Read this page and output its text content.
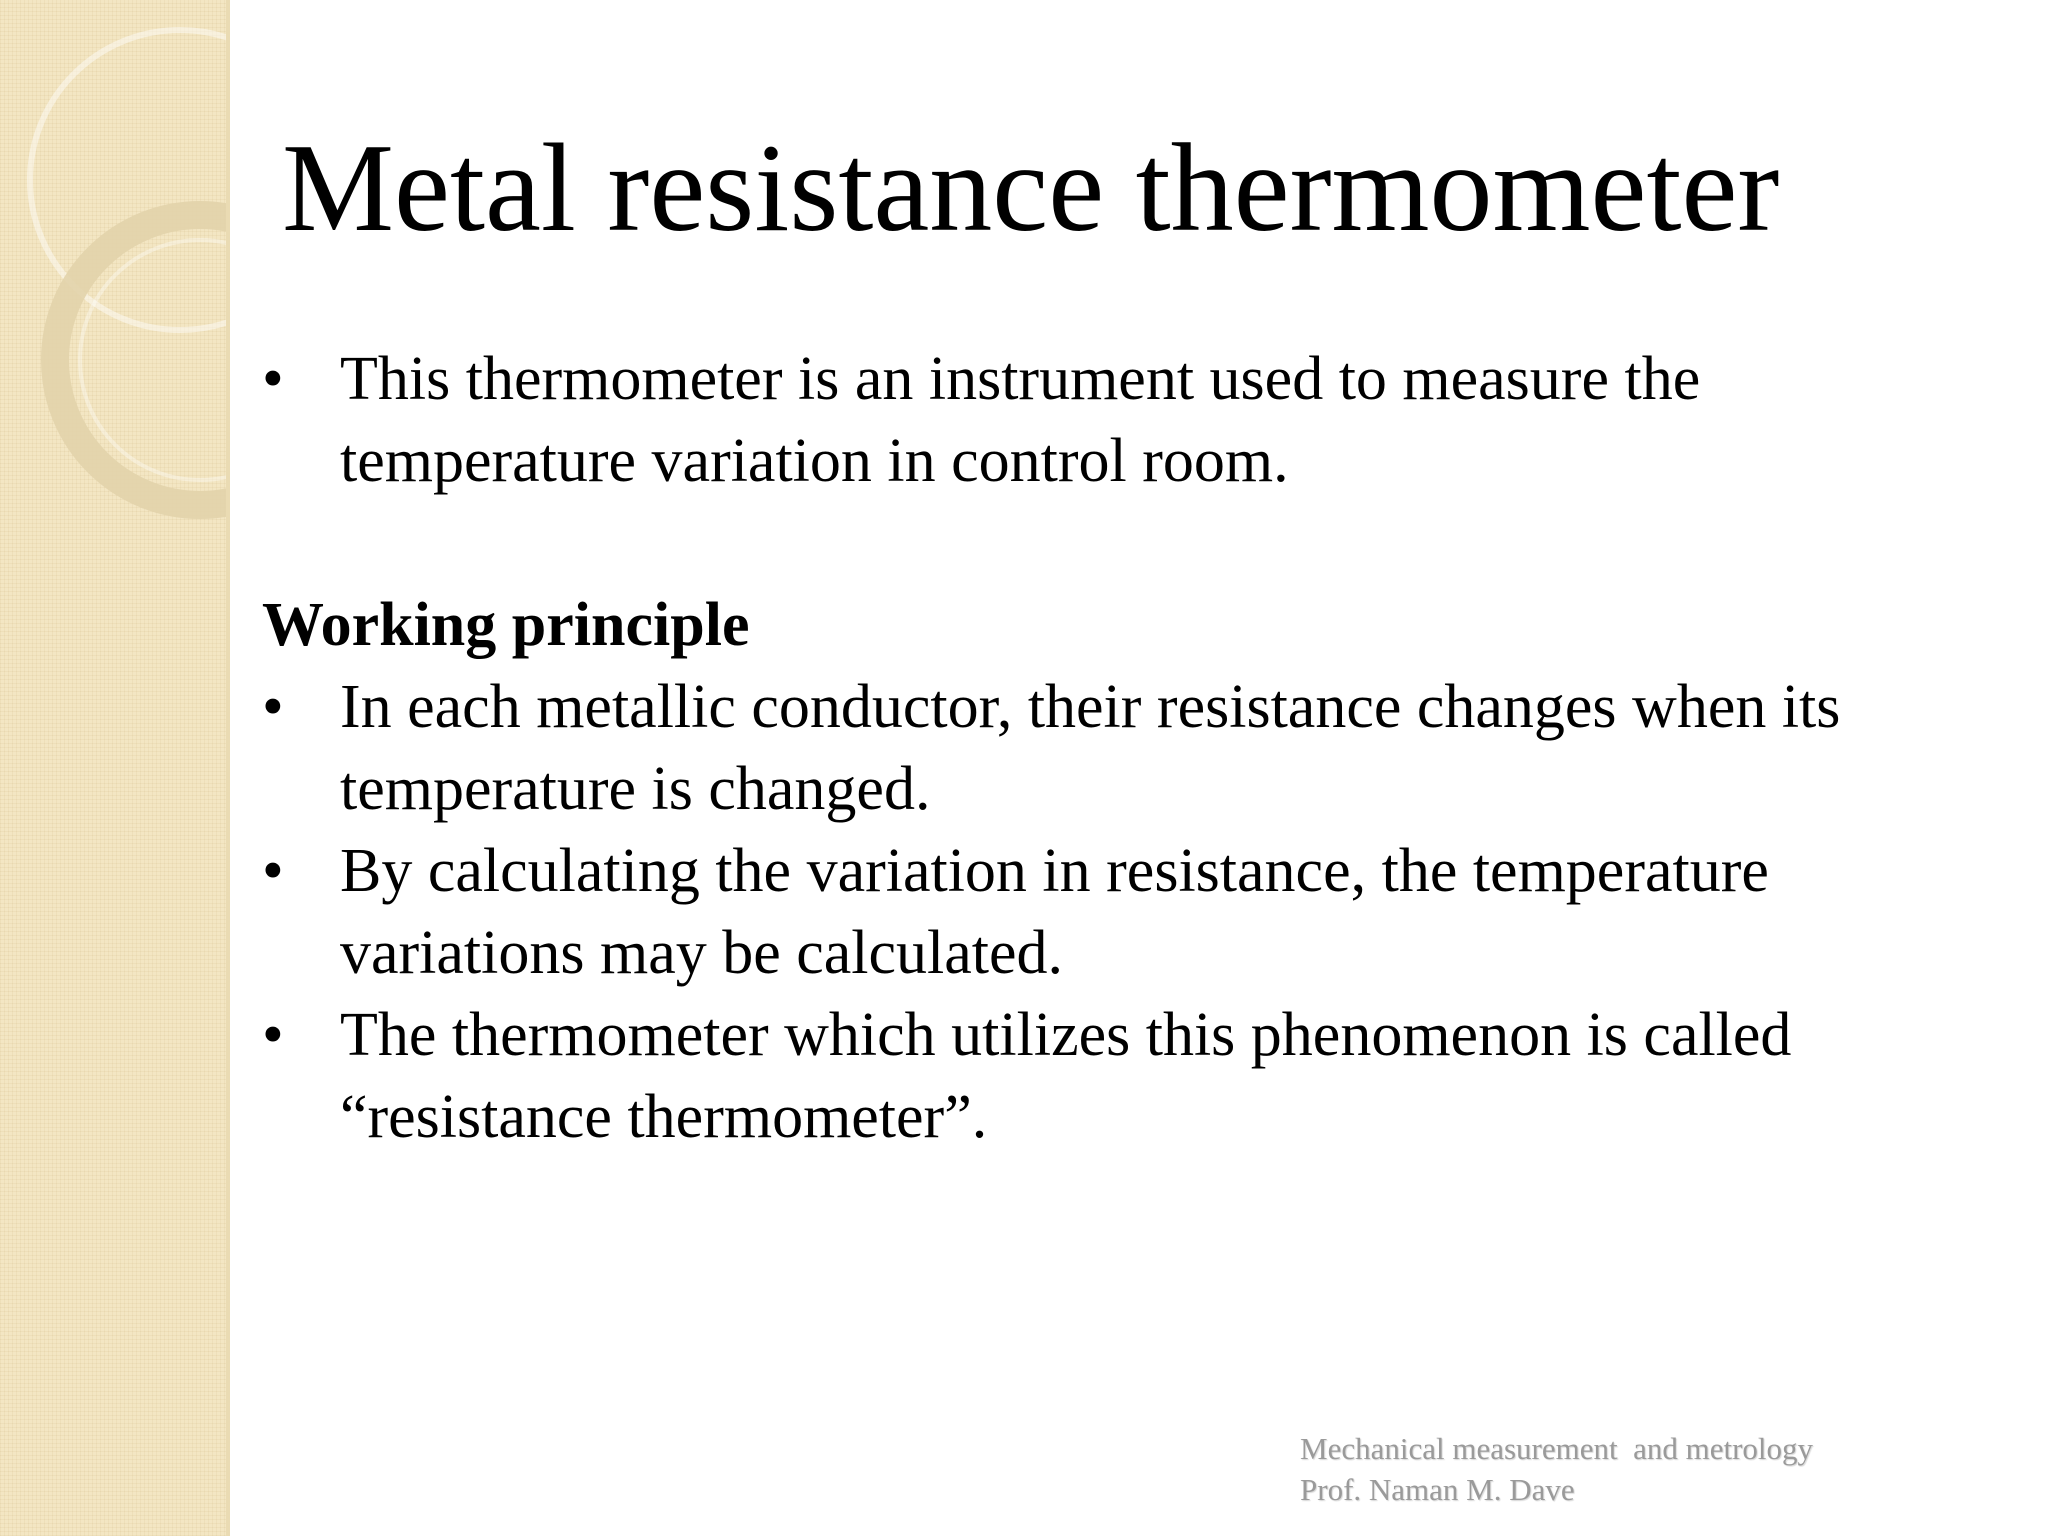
Metal resistance thermometer
• This thermometer is an instrument used to measure the temperature variation in control room.
Working principle
• In each metallic conductor, their resistance changes when its temperature is changed.
• By calculating the variation in resistance, the temperature variations may be calculated.
• The thermometer which utilizes this phenomenon is called “resistance thermometer”.
Mechanical measurement  and metrology
Prof. Naman M. Dave
